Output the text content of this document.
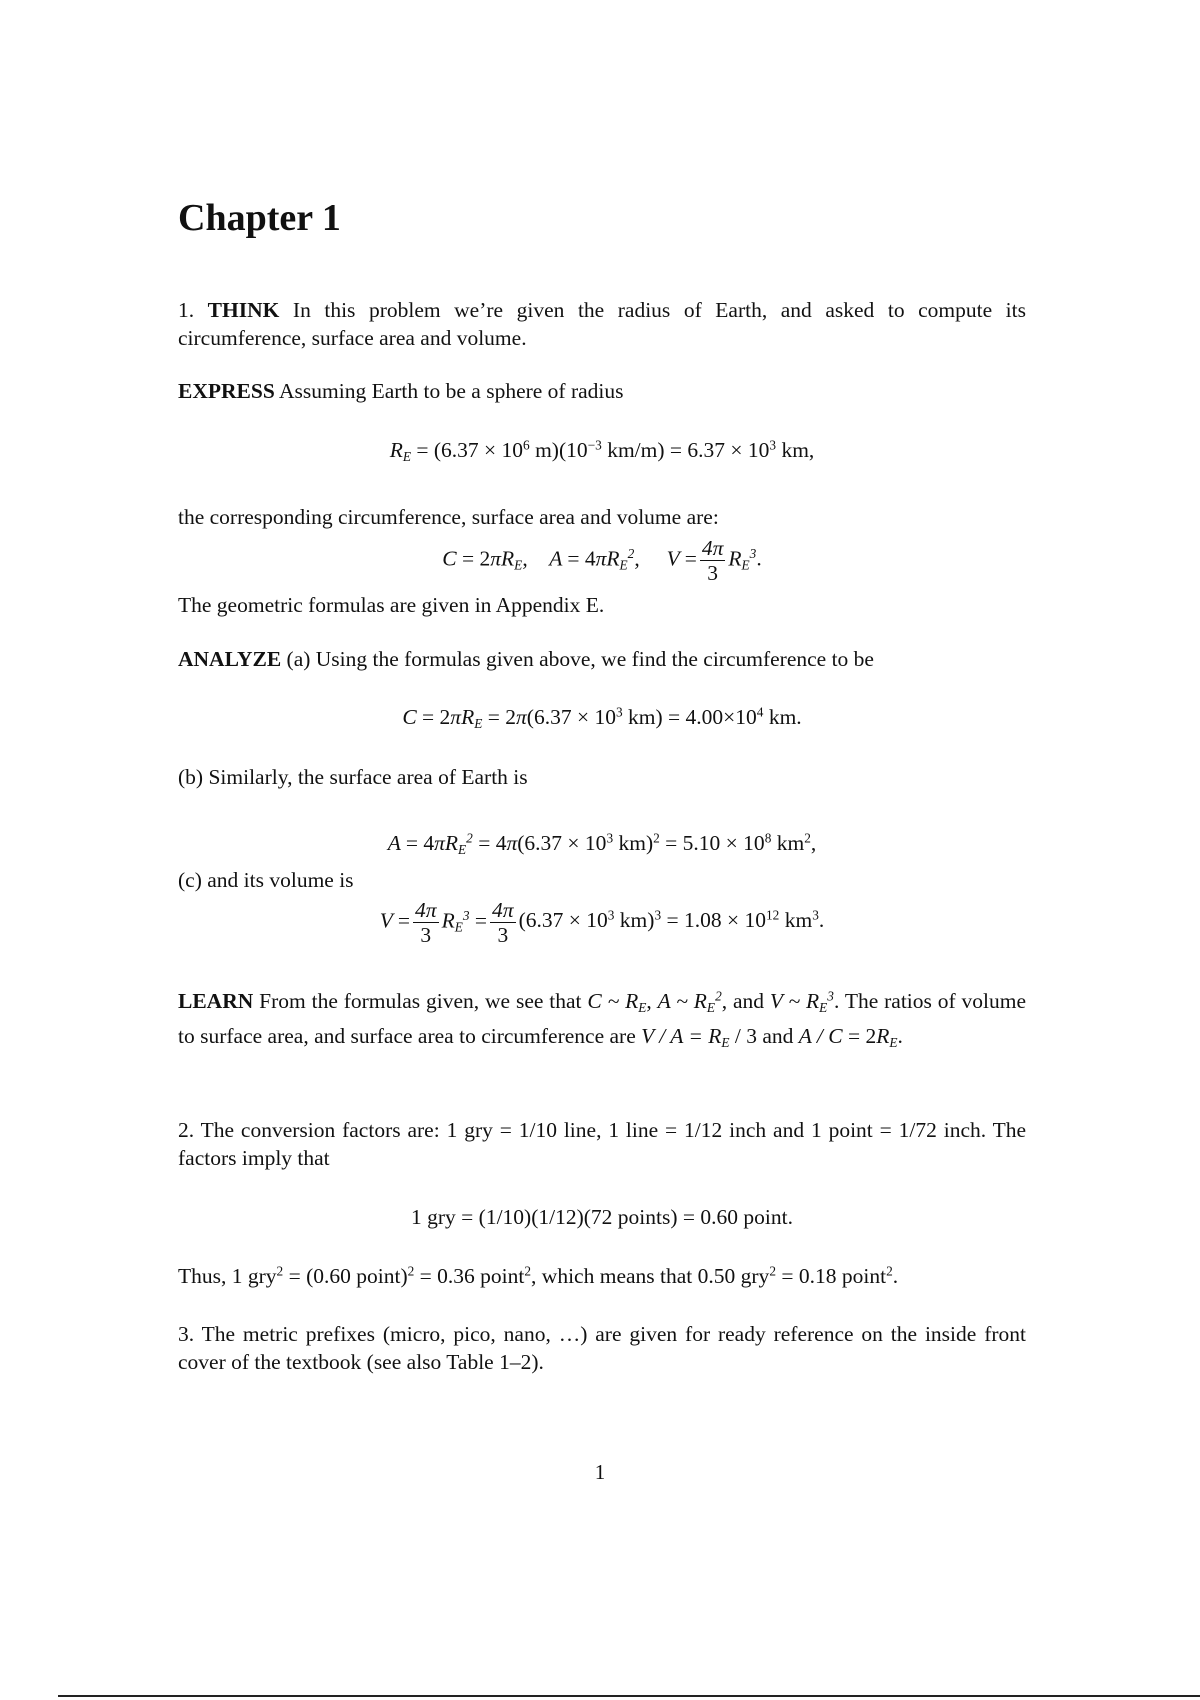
Chapter 1

1. THINK In this problem we’re given the radius of Earth, and asked to compute its circumference, surface area and volume.

EXPRESS Assuming Earth to be a sphere of radius

$R_E = (6.37 \times 10^6$ $m)(10^{-3}$ $km/m) = 6.37 \times 10^3$ km,

the corresponding circumference, surface area and volume are:

$C = 2\pi R_E$,    $A = 4\pi R_E^2$,     $V = \frac{4\pi}{3} R_E^3$.

The geometric formulas are given in Appendix E.

ANALYZE (a) Using the formulas given above, we find the circumference to be

$C = 2\pi R_E = 2\pi(6.37 \times 10^3$ $km) = 4.00\times 10^4$ km.

(b) Similarly, the surface area of Earth is

$A = 4\pi R_E^2 = 4\pi(6.37 \times 10^3$ $km)^2 = 5.10 \times 10^8$ $km^2$,

(c) and its volume is

$V = \frac{4\pi}{3} R_E^3 = \frac{4\pi}{3} (6.37 \times 10^3$ $km)^3 = 1.08 \times 10^{12}$ $km^3$.

LEARN From the formulas given, we see that C ~ $R_E$, A ~ $R_E^2$, and V ~ $R_E^3$. The ratios of volume to surface area, and surface area to circumference are $V / A = R_E / 3$ and $A / C = 2R_E$.

2. The conversion factors are: 1 gry = 1/10 line, 1 line = 1/12 inch and 1 point = 1/72 inch. The factors imply that

1 gry = (1/10)(1/12)(72 points) = 0.60 point.

Thus, 1 gry$^2$ = (0.60 point)$^2$ = 0.36 point$^2$, which means that 0.50 gry$^2$ = 0.18 point$^2$.

3. The metric prefixes (micro, pico, nano, …) are given for ready reference on the inside front cover of the textbook (see also Table 1–2).

1
